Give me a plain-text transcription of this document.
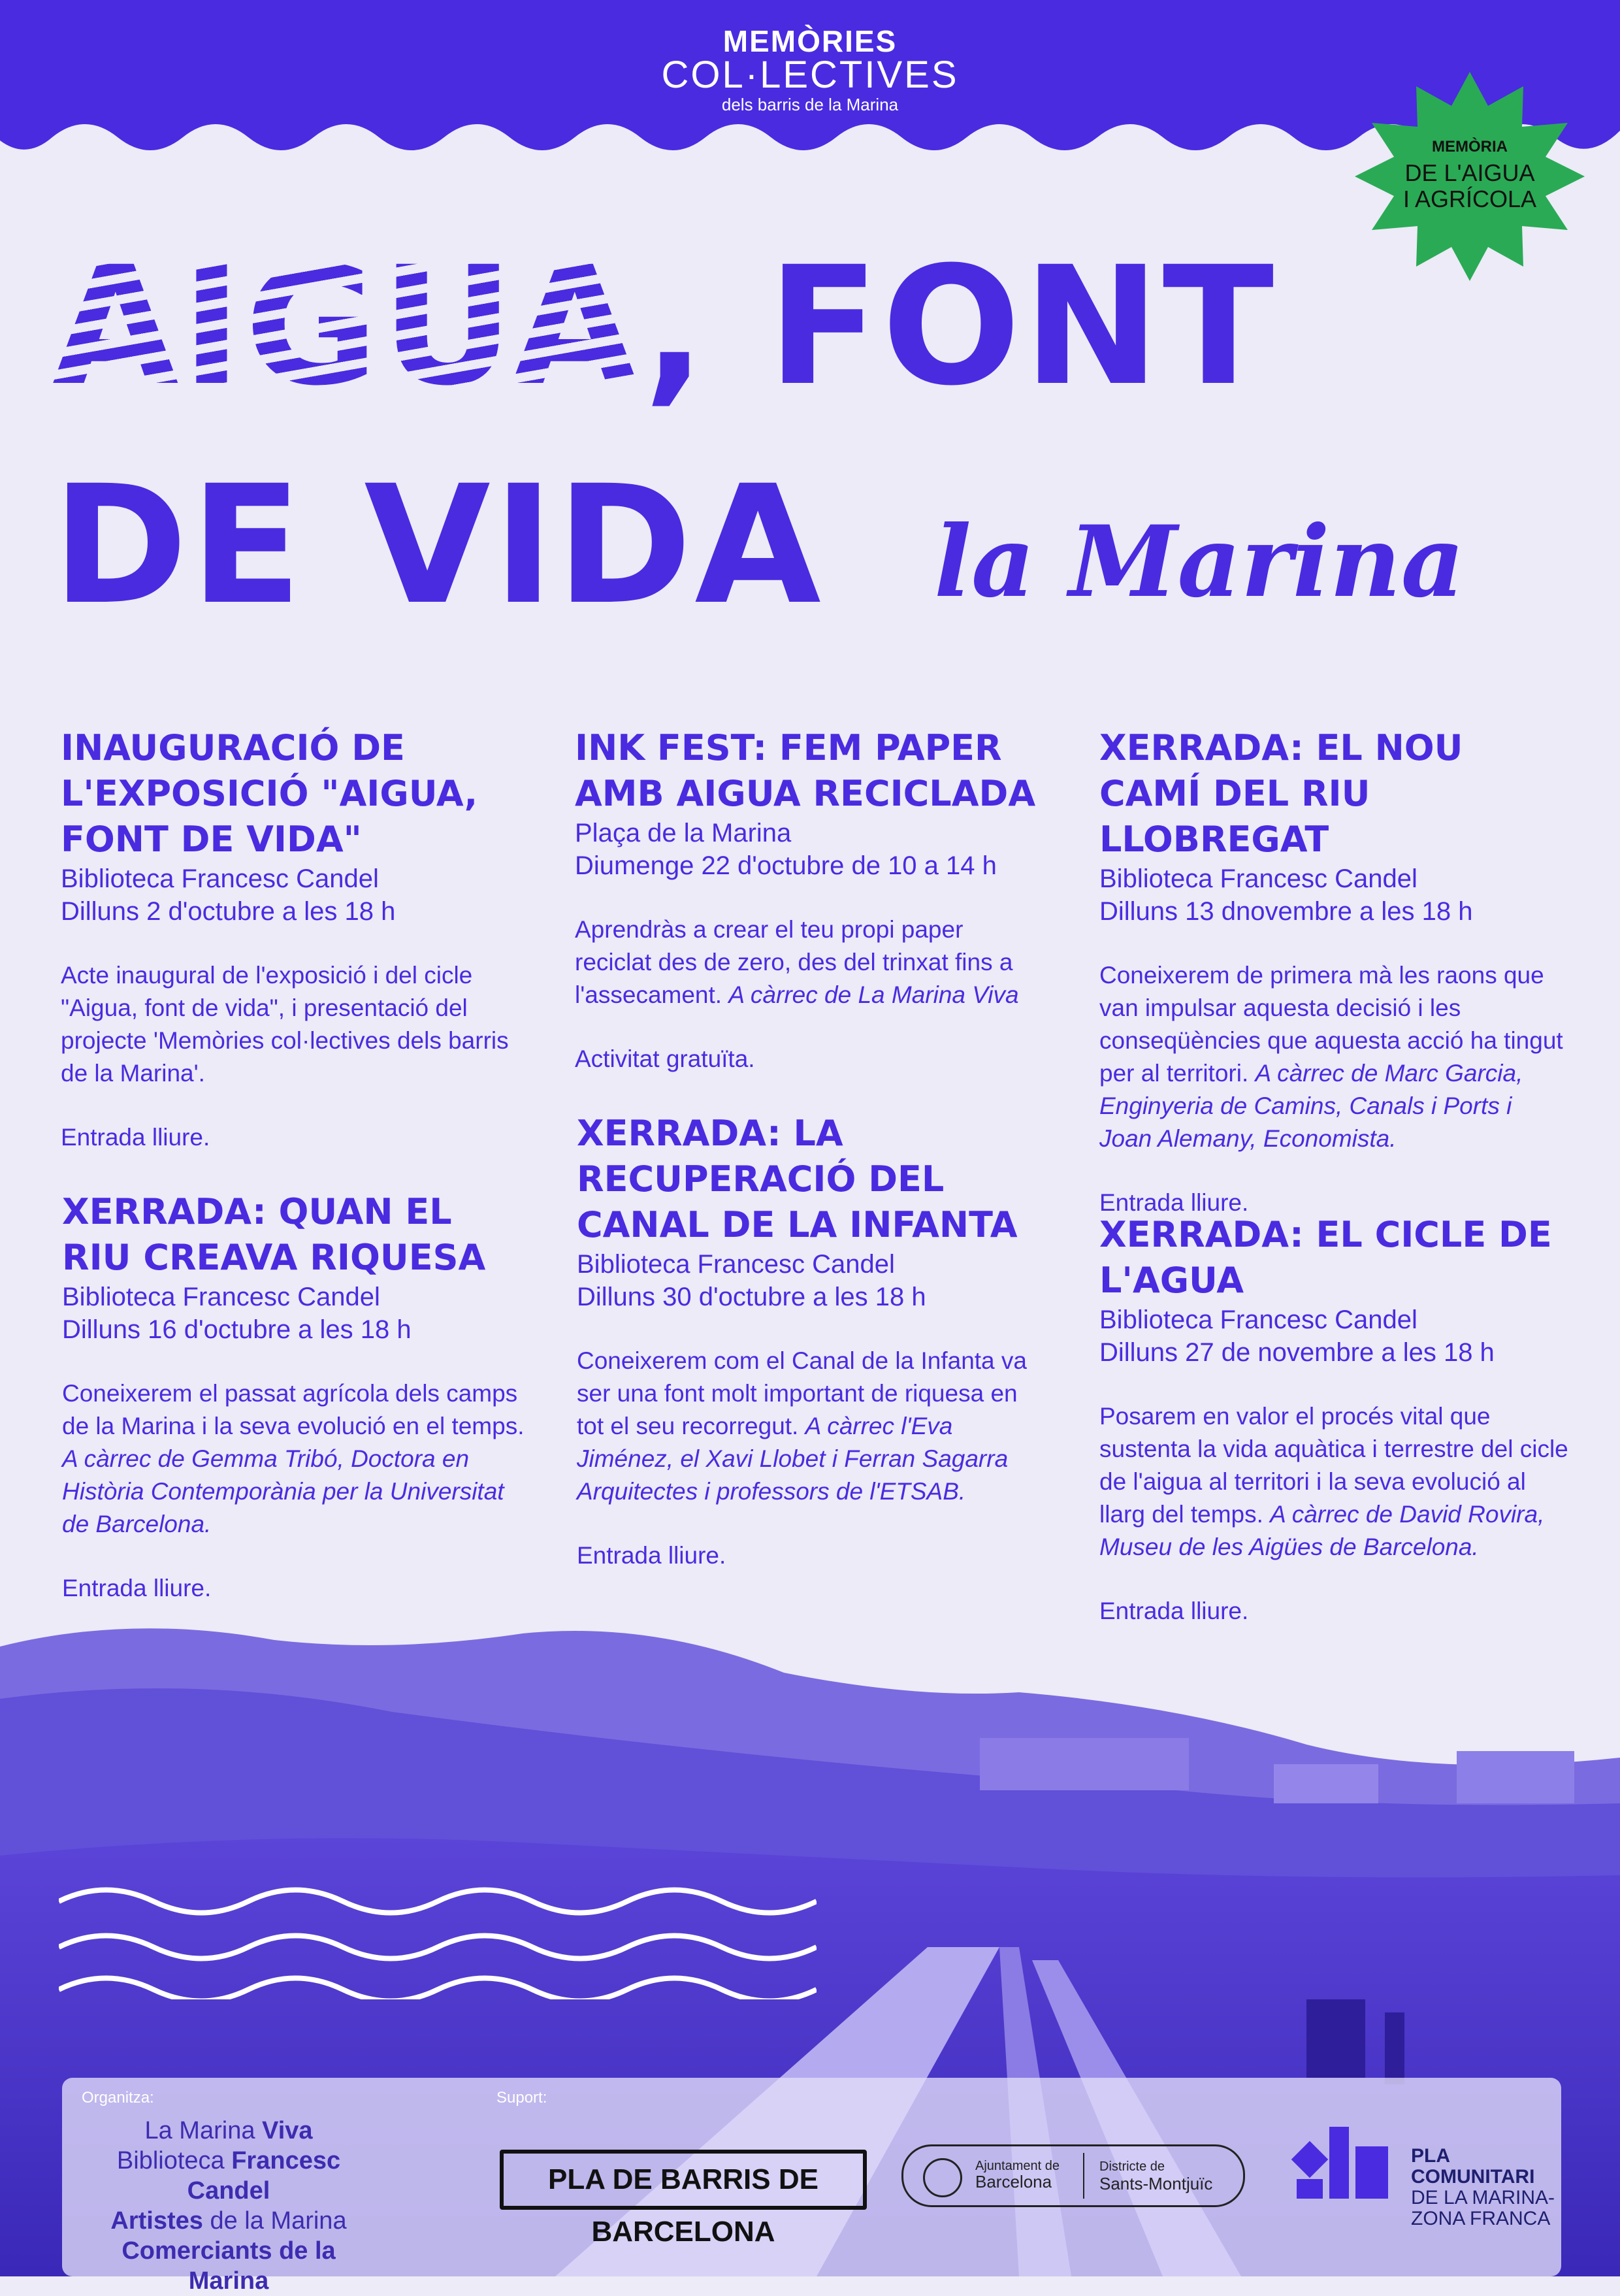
MEMÒRIES
COL·LECTIVES
dels barris de la Marina
MEMÒRIA
DE L'AIGUA
I AGRÍCOLA
AIGUA, FONT
DE VIDA la Marina
INAUGURACIÓ DE L'EXPOSICIÓ "AIGUA, FONT DE VIDA"
Biblioteca Francesc Candel
Dilluns 2 d'octubre a les 18 h
Acte inaugural de l'exposició i del cicle "Aigua, font de vida", i presentació del projecte 'Memòries col·lectives dels barris de la Marina'.
Entrada lliure.
XERRADA: QUAN EL RIU CREAVA RIQUESA
Biblioteca Francesc Candel
Dilluns 16 d'octubre a les 18 h
Coneixerem el passat agrícola dels camps de la Marina i la seva evolució en el temps. A càrrec de Gemma Tribó, Doctora en Història Contemporània per la Universitat de Barcelona.
Entrada lliure.
INK FEST: FEM PAPER AMB AIGUA RECICLADA
Plaça de la Marina
Diumenge 22 d'octubre de 10 a 14 h
Aprendràs a crear el teu propi paper reciclat des de zero, des del trinxat fins a l'assecament. A càrrec de La Marina Viva
Activitat gratuïta.
XERRADA: LA RECUPERACIÓ DEL CANAL DE LA INFANTA
Biblioteca Francesc Candel
Dilluns 30 d'octubre a les 18 h
Coneixerem com el Canal de la Infanta va ser una font molt important de riquesa en tot el seu recorregut. A càrrec l'Eva Jiménez, el Xavi Llobet i Ferran Sagarra Arquitectes i professors de l'ETSAB.
Entrada lliure.
XERRADA: EL NOU CAMÍ DEL RIU LLOBREGAT
Biblioteca Francesc Candel
Dilluns 13 dnovembre a les 18 h
Coneixerem de primera mà les raons que van impulsar aquesta decisió i les conseqüències que aquesta acció ha tingut per al territori. A càrrec de Marc Garcia, Enginyeria de Camins, Canals i Ports i Joan Alemany, Economista.
Entrada lliure.
XERRADA: EL CICLE DE L'AGUA
Biblioteca Francesc Candel
Dilluns 27 de novembre a les 18 h
Posarem en valor el procés vital que sustenta la vida aquàtica i terrestre del cicle de l'aigua al territori i la seva evolució al llarg del temps. A càrrec de David Rovira, Museu de les Aigües de Barcelona.
Entrada lliure.
Organitza:	Suport:
La Marina Viva
Biblioteca Francesc Candel
Artistes de la Marina
Comerciants de la Marina
PLA DE BARRIS DE BARCELONA
Ajuntament de
Barcelona
Districte de
Sants-Montjuïc
PLA
COMUNITARI
DE LA MARINA-
ZONA FRANCA
